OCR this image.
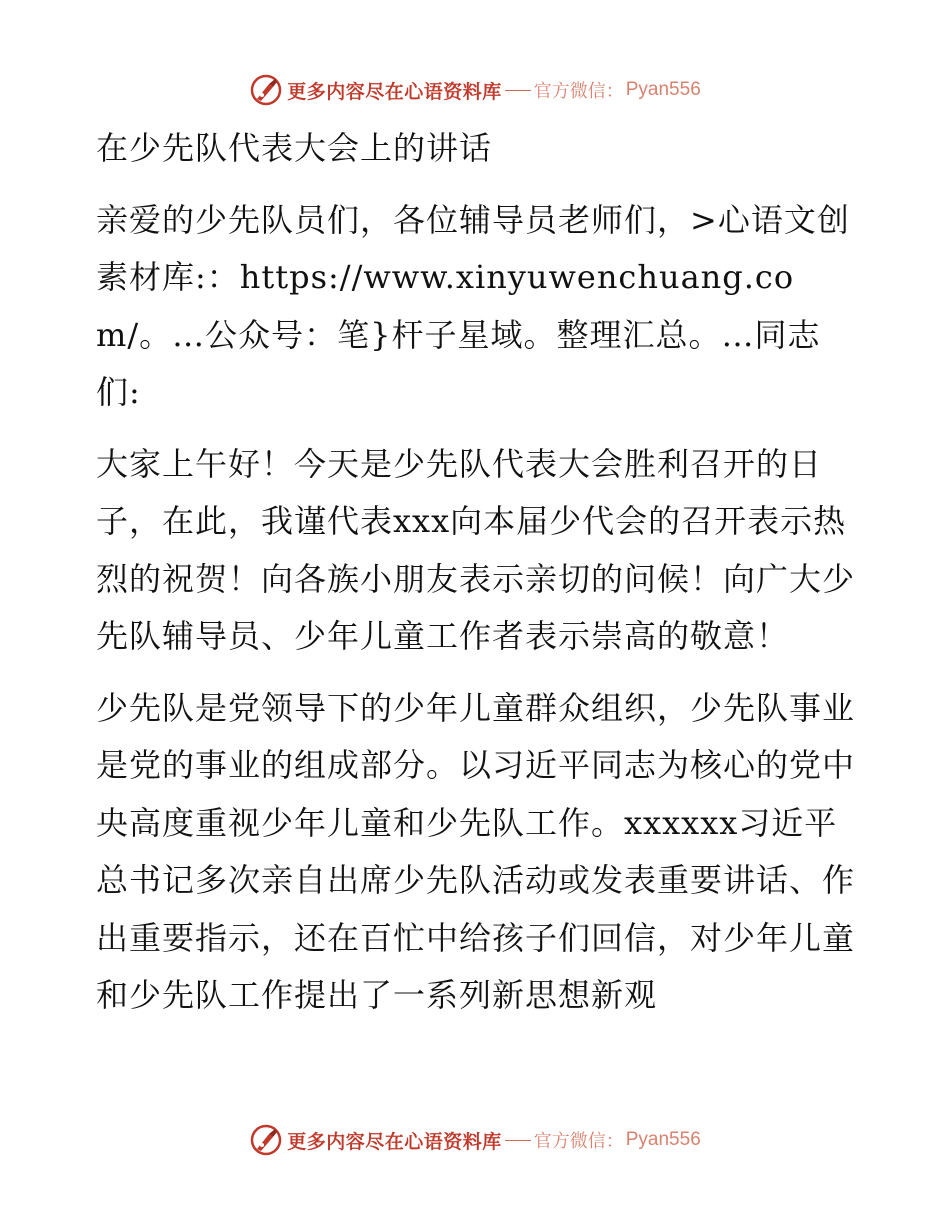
更多内容尽在心语资料库 官方微信： Pyan556

在少先队代表大会上的讲话

亲爱的少先队员们，各位辅导员老师们，>心语文创素材库:：https://www.xinyuwenchuang.com/。…公众号：笔}杆子星域。整理汇总。…同志们:

大家上午好！今天是少先队代表大会胜利召开的日子，在此，我谨代表xxx向本届少代会的召开表示热烈的祝贺！向各族小朋友表示亲切的问候！向广大少先队辅导员、少年儿童工作者表示崇高的敬意！

少先队是党领导下的少年儿童群众组织，少先队事业是党的事业的组成部分。以习近平同志为核心的党中央高度重视少年儿童和少先队工作。xxxxxx习近平总书记多次亲自出席少先队活动或发表重要讲话、作出重要指示，还在百忙中给孩子们回信，对少年儿童和少先队工作提出了一系列新思想新观

更多内容尽在心语资料库 官方微信： Pyan556
